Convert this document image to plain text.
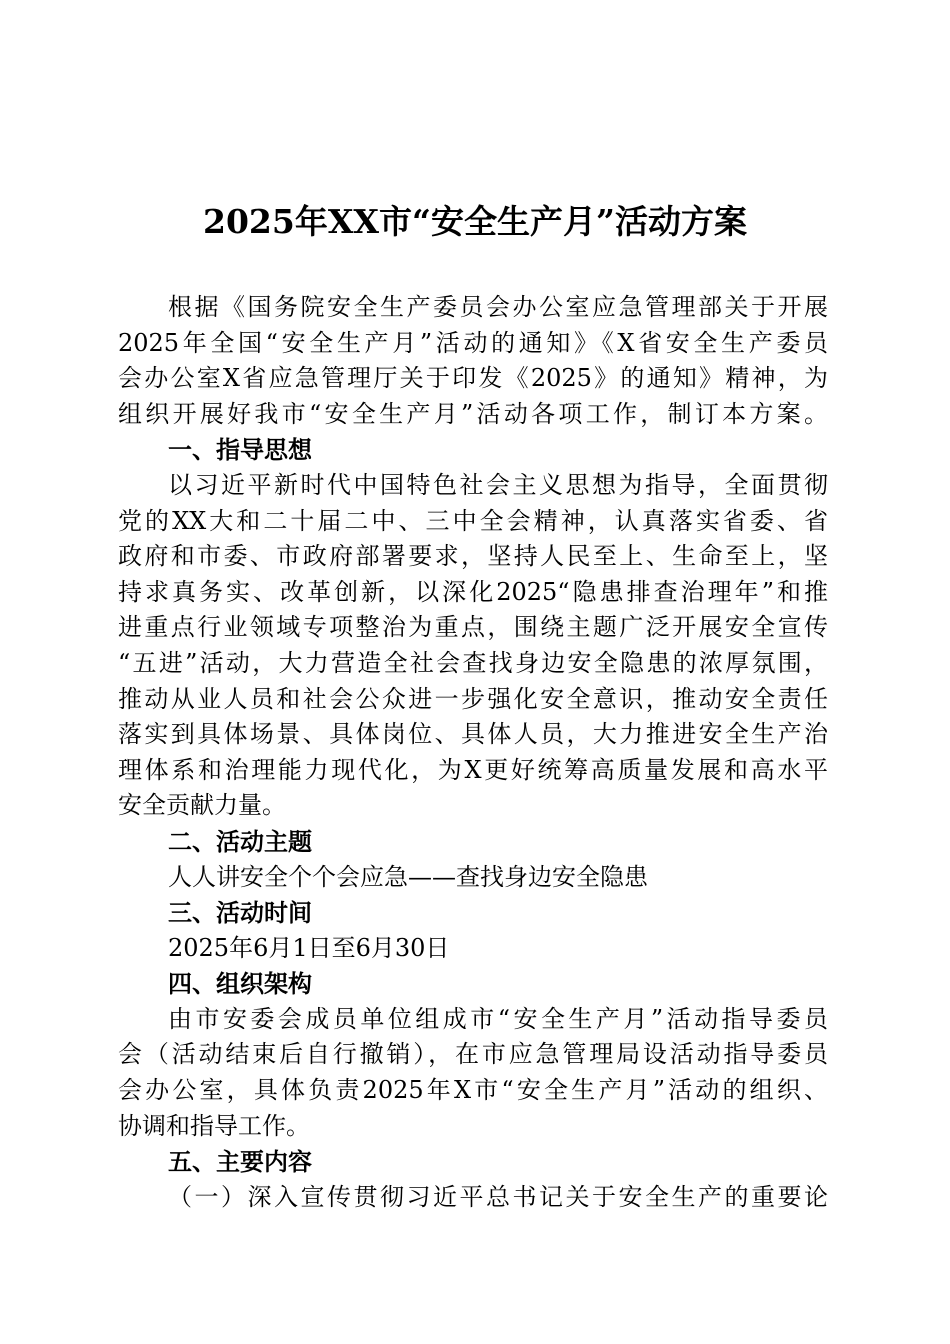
2025年XX市“安全生产月”活动方案
根据《国务院安全生产委员会办公室应急管理部关于开展
2025年全国“安全生产月”活动的通知》《X省安全生产委员
会办公室X省应急管理厅关于印发《2025》的通知》精神，为
组织开展好我市“安全生产月”活动各项工作，制订本方案。
一、指导思想
以习近平新时代中国特色社会主义思想为指导，全面贯彻
党的XX大和二十届二中、三中全会精神，认真落实省委、省
政府和市委、市政府部署要求，坚持人民至上、生命至上，坚
持求真务实、改革创新，以深化2025“隐患排查治理年”和推
进重点行业领域专项整治为重点，围绕主题广泛开展安全宣传
“五进”活动，大力营造全社会查找身边安全隐患的浓厚氛围，
推动从业人员和社会公众进一步强化安全意识，推动安全责任
落实到具体场景、具体岗位、具体人员，大力推进安全生产治
理体系和治理能力现代化，为X更好统筹高质量发展和高水平
安全贡献力量。
二、活动主题
人人讲安全个个会应急——查找身边安全隐患
三、活动时间
2025年6月1日至6月30日
四、组织架构
由市安委会成员单位组成市“安全生产月”活动指导委员
会（活动结束后自行撤销），在市应急管理局设活动指导委员
会办公室，具体负责2025年X市“安全生产月”活动的组织、
协调和指导工作。
五、主要内容
（一）深入宣传贯彻习近平总书记关于安全生产的重要论
